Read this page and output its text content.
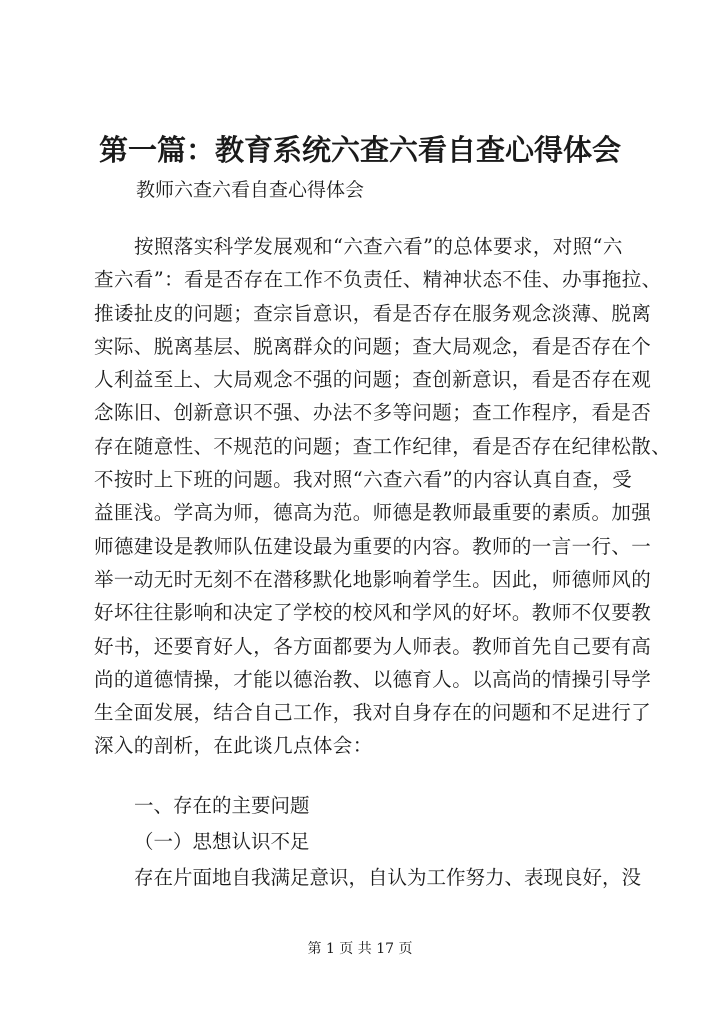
第一篇：教育系统六查六看自查心得体会
教师六查六看自查心得体会
按照落实科学发展观和“六查六看”的总体要求，对照“六
查六看”：看是否存在工作不负责任、精神状态不佳、办事拖拉、
推诿扯皮的问题；查宗旨意识，看是否存在服务观念淡薄、脱离
实际、脱离基层、脱离群众的问题；查大局观念，看是否存在个
人利益至上、大局观念不强的问题；查创新意识，看是否存在观
念陈旧、创新意识不强、办法不多等问题；查工作程序，看是否
存在随意性、不规范的问题；查工作纪律，看是否存在纪律松散、
不按时上下班的问题。我对照“六查六看”的内容认真自查，受
益匪浅。学高为师，德高为范。师德是教师最重要的素质。加强
师德建设是教师队伍建设最为重要的内容。教师的一言一行、一
举一动无时无刻不在潜移默化地影响着学生。因此，师德师风的
好坏往往影响和决定了学校的校风和学风的好坏。教师不仅要教
好书，还要育好人，各方面都要为人师表。教师首先自己要有高
尚的道德情操，才能以德治教、以德育人。以高尚的情操引导学
生全面发展，结合自己工作，我对自身存在的问题和不足进行了
深入的剖析，在此谈几点体会：
一、存在的主要问题
（一）思想认识不足
存在片面地自我满足意识，自认为工作努力、表现良好，没
第 1 页 共 17 页
